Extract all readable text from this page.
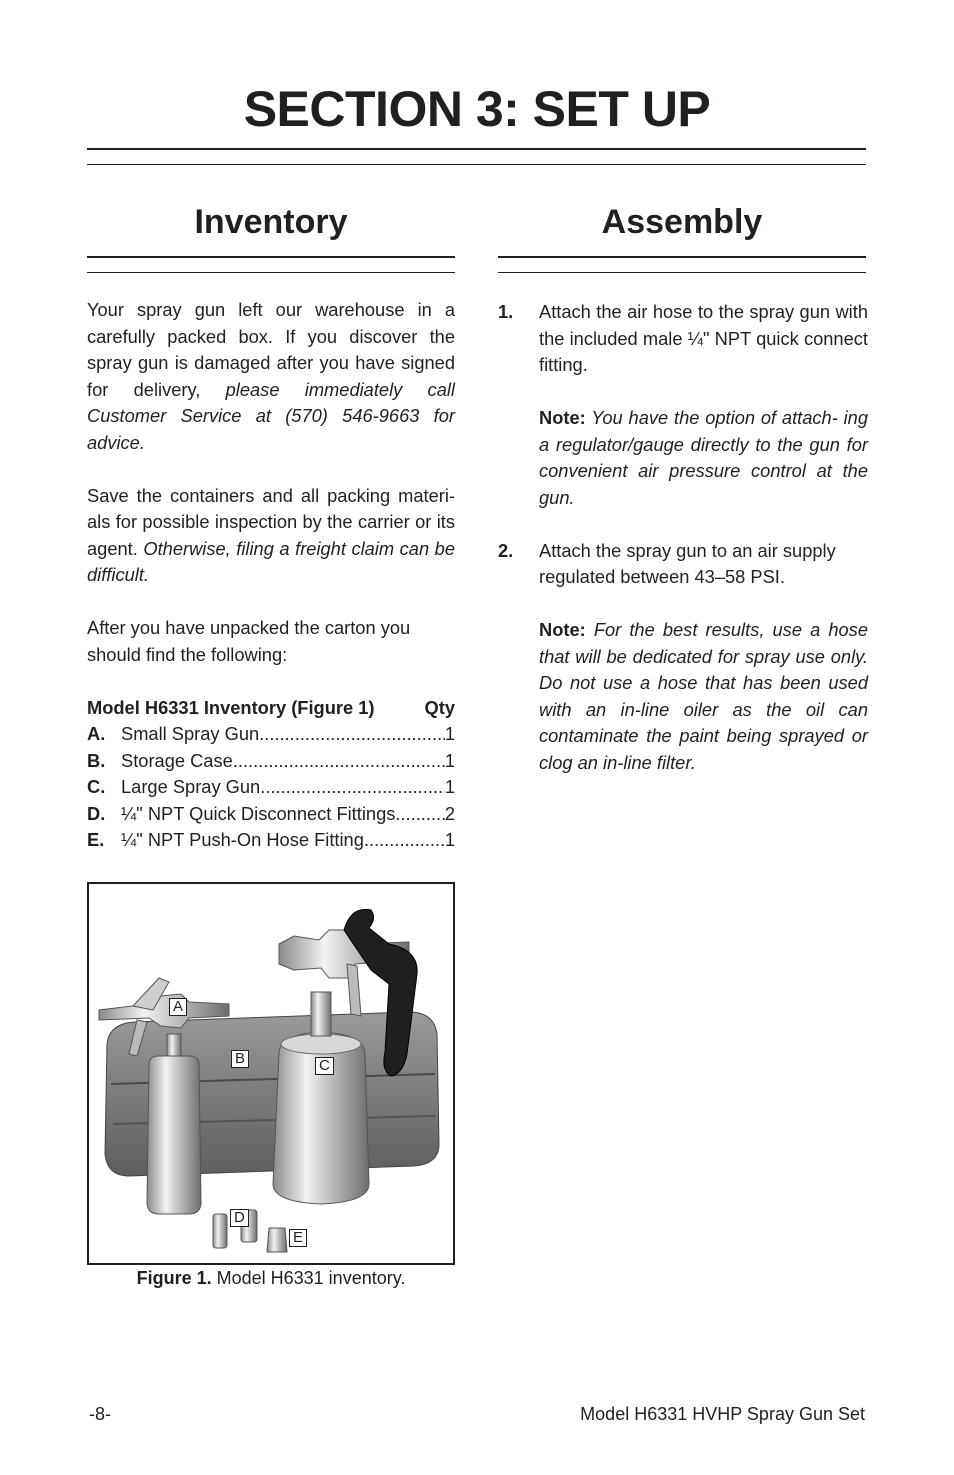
SECTION 3: SET UP
Inventory

Your spray gun left our warehouse in a carefully packed box. If you discover the spray gun is damaged after you have signed for delivery, please immediately call Customer Service at (570) 546-9663 for advice.

Save the containers and all packing materi- als for possible inspection by the carrier or its agent. Otherwise, filing a freight claim can be difficult.

After you have unpacked the carton you should find the following:

Model H6331 Inventory (Figure 1)	Qty
A. Small Spray Gun .....	1
B. Storage Case .....	1
C. Large Spray Gun .....	1
D. ¼" NPT Quick Disconnect Fittings .....	2
E. ¼" NPT Push-On Hose Fitting .....	1
A
B	C
D
E
Figure 1. Model H6331 inventory.
Assembly
1. Attach the air hose to the spray gun with the included male ¼" NPT quick connect fitting.

Note: You have the option of attach- ing a regulator/gauge directly to the gun for convenient air pressure control at the gun.

2. Attach the spray gun to an air supply regulated between 43–58 PSI.

Note: For the best results, use a hose that will be dedicated for spray use only. Do not use a hose that has been used with an in-line oiler as the oil can contaminate the paint being sprayed or clog an in-line filter.

-8-	Model H6331 HVHP Spray Gun Set
